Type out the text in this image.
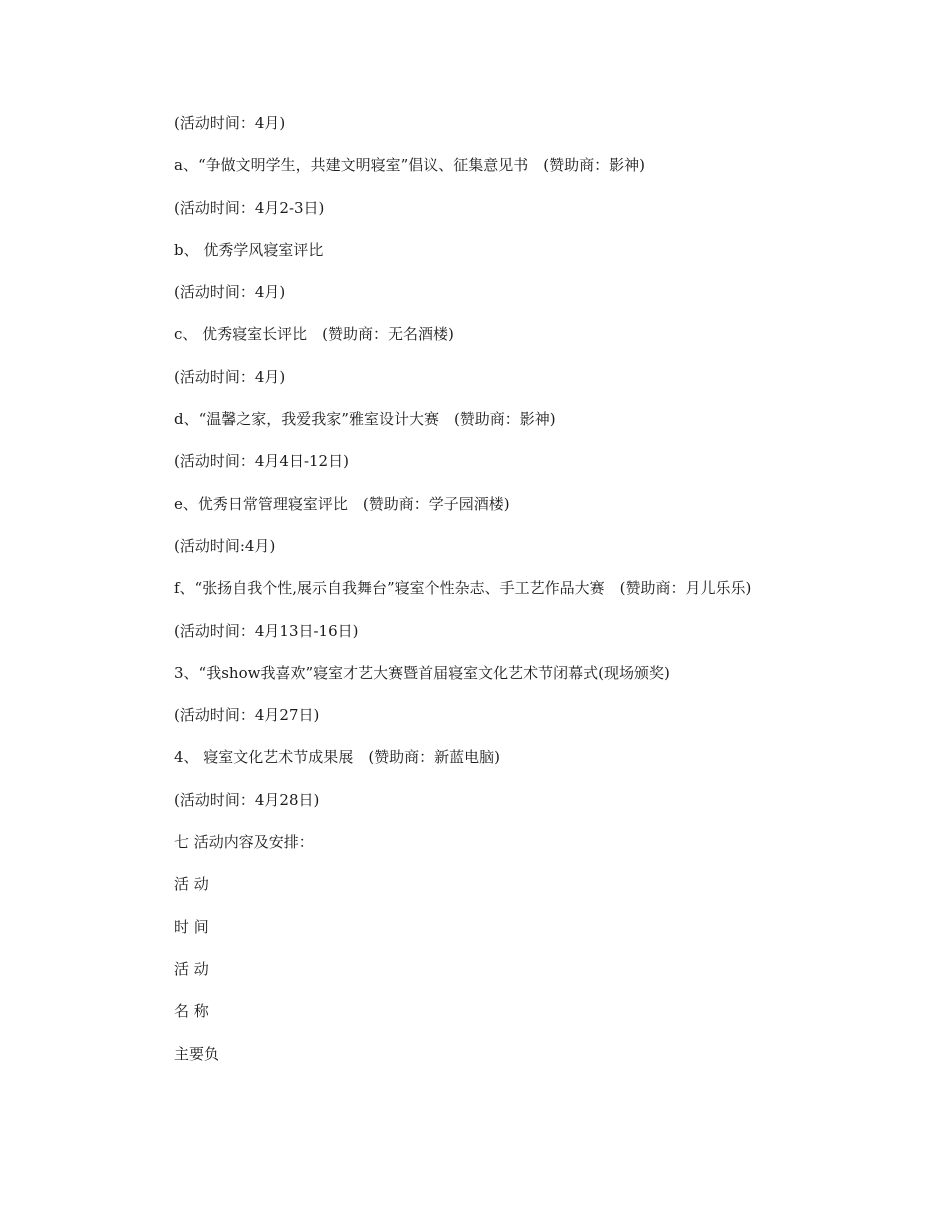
(活动时间：4月)

a、“争做文明学生，共建文明寝室”倡议、征集意见书　(赞助商：影神)

(活动时间：4月2-3日)

b、 优秀学风寝室评比

(活动时间：4月)

c、 优秀寝室长评比　(赞助商：无名酒楼)

(活动时间：4月)

d、“温馨之家，我爱我家”雅室设计大赛　(赞助商：影神)

(活动时间：4月4日-12日)

e、优秀日常管理寝室评比　(赞助商：学子园酒楼)

(活动时间:4月)

f、“张扬自我个性,展示自我舞台”寝室个性杂志、手工艺作品大赛　(赞助商：月儿乐乐)

(活动时间：4月13日-16日)

3、“我show我喜欢”寝室才艺大赛暨首届寝室文化艺术节闭幕式(现场颁奖)

(活动时间：4月27日)

4、 寝室文化艺术节成果展　(赞助商：新蓝电脑)

(活动时间：4月28日)

七 活动内容及安排：

活 动

时 间

活 动

名 称

主要负
